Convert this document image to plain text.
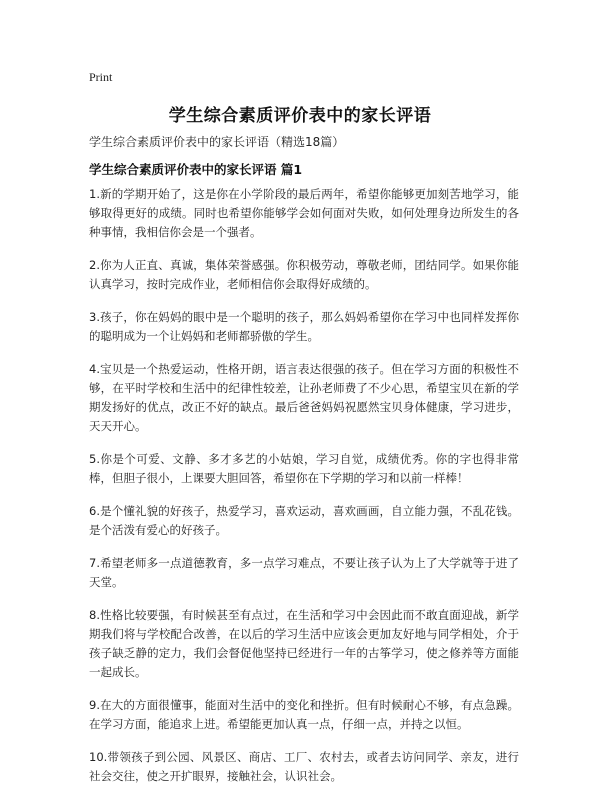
Print
学生综合素质评价表中的家长评语
学生综合素质评价表中的家长评语（精选18篇）
学生综合素质评价表中的家长评语 篇1

1.新的学期开始了，这是你在小学阶段的最后两年，希望你能够更加刻苦地学习，能够取得更好的成绩。同时也希望你能够学会如何面对失败，如何处理身边所发生的各种事情，我相信你会是一个强者。

2.你为人正直、真诚，集体荣誉感强。你积极劳动，尊敬老师，团结同学。如果你能认真学习，按时完成作业，老师相信你会取得好成绩的。

3.孩子，你在妈妈的眼中是一个聪明的孩子，那么妈妈希望你在学习中也同样发挥你的聪明成为一个让妈妈和老师都骄傲的学生。

4.宝贝是一个热爱运动，性格开朗，语言表达很强的孩子。但在学习方面的积极性不够，在平时学校和生活中的纪律性较差，让孙老师费了不少心思，希望宝贝在新的学期发扬好的优点，改正不好的缺点。最后爸爸妈妈祝愿然宝贝身体健康，学习进步，天天开心。

5.你是个可爱、文静、多才多艺的小姑娘，学习自觉，成绩优秀。你的字也得非常棒，但胆子很小，上课要大胆回答，希望你在下学期的学习和以前一样棒！

6.是个懂礼貌的好孩子，热爱学习，喜欢运动，喜欢画画，自立能力强，不乱花钱。是个活泼有爱心的好孩子。

7.希望老师多一点道德教育，多一点学习难点，不要让孩子认为上了大学就等于进了天堂。

8.性格比较要强，有时候甚至有点过，在生活和学习中会因此而不敢直面迎战，新学期我们将与学校配合改善，在以后的学习生活中应该会更加友好地与同学相处，介于孩子缺乏静的定力，我们会督促他坚持已经进行一年的古筝学习，使之修养等方面能一起成长。

9.在大的方面很懂事，能面对生活中的变化和挫折。但有时候耐心不够，有点急躁。在学习方面，能追求上进。希望能更加认真一点，仔细一点，并持之以恒。

10.带领孩子到公园、风景区、商店、工厂、农村去，或者去访问同学、亲友，进行社会交往，使之开扩眼界，接触社会，认识社会。
